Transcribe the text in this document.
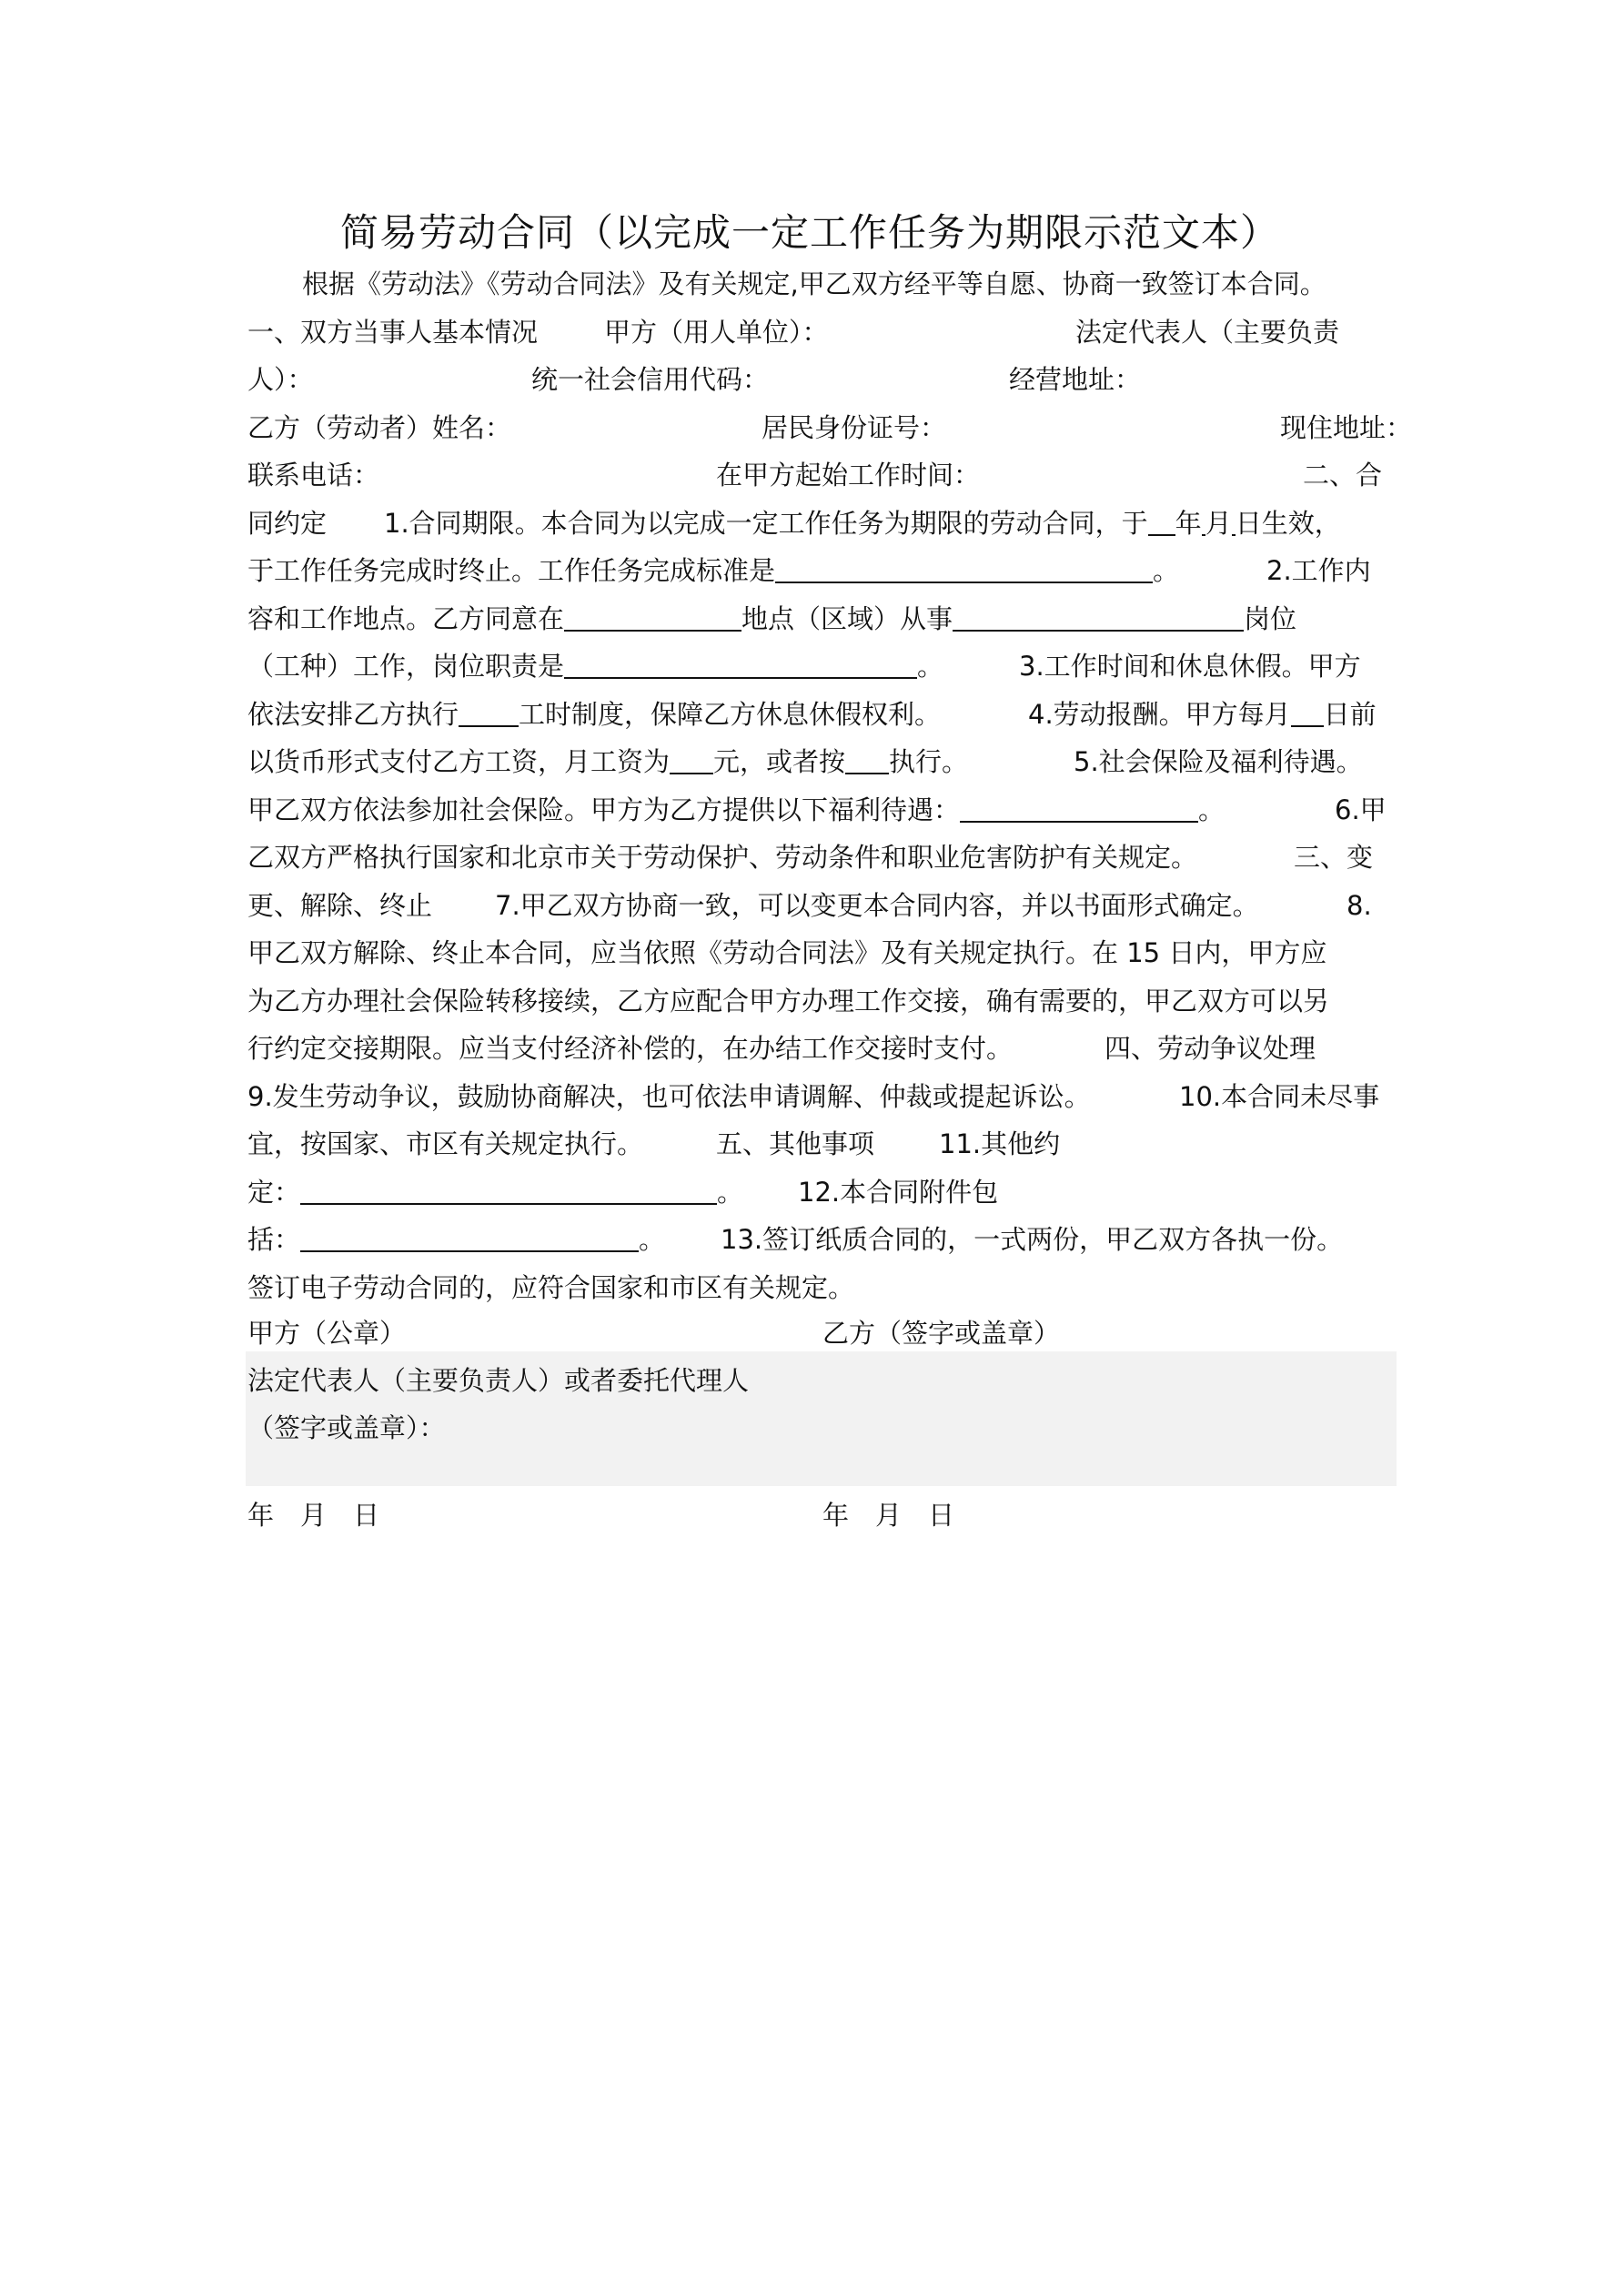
简易劳动合同（以完成一定工作任务为期限示范文本）
根据《劳动法》《劳动合同法》及有关规定,甲乙双方经平等自愿、协商一致签订本合同。
一、双方当事人基本情况	甲方（用人单位）：	法定代表人（主要负责
人）：	统一社会信用代码：	经营地址：
乙方（劳动者）姓名：	居民身份证号：	现住地址：
联系电话：	在甲方起始工作时间：	二、合
同约定 1.合同期限。本合同为以完成一定工作任务为期限的劳动合同，于 年 月 日生效，
于工作任务完成时终止。工作任务完成标准是	。	2.工作内
容和工作地点。乙方同意在	地点（区域）从事	岗位
（工种）工作，岗位职责是	。	3.工作时间和休息休假。甲方
依法安排乙方执行 工时制度，保障乙方休息休假权利。	4.劳动报酬。甲方每月 日前
以货币形式支付乙方工资，月工资为 元，或者按 执行。	5.社会保险及福利待遇。
甲乙双方依法参加社会保险。甲方为乙方提供以下福利待遇：	。	6.甲
乙双方严格执行国家和北京市关于劳动保护、劳动条件和职业危害防护有关规定。	三、变
更、解除、终止 7.甲乙双方协商一致，可以变更本合同内容，并以书面形式确定。	8.
甲乙双方解除、终止本合同，应当依照《劳动合同法》及有关规定执行。在 15 日内，甲方应
为乙方办理社会保险转移接续，乙方应配合甲方办理工作交接，确有需要的，甲乙双方可以另
行约定交接期限。应当支付经济补偿的，在办结工作交接时支付。	四、劳动争议处理
9.发生劳动争议，鼓励协商解决，也可依法申请调解、仲裁或提起诉讼。	10.本合同未尽事
宜，按国家、市区有关规定执行。	五、其他事项 11.其他约
定：	。 12.本合同附件包
括：	。 13.签订纸质合同的，一式两份，甲乙双方各执一份。
签订电子劳动合同的，应符合国家和市区有关规定。
甲方（公章）	乙方（签字或盖章）
法定代表人（主要负责人）或者委托代理人
（签字或盖章）：
年　月　日	年　月　日
